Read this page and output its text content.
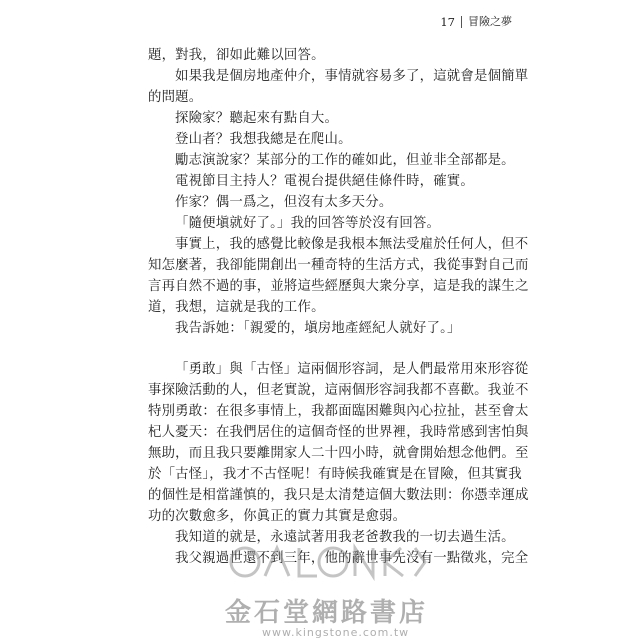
17 冒險之夢
題，對我，卻如此難以回答。
如果我是個房地產仲介，事情就容易多了，這就會是個簡單
的問題。
探險家？聽起來有點自大。
登山者？我想我總是在爬山。
勵志演說家？某部分的工作的確如此，但並非全部都是。
電視節目主持人？電視台提供絕佳條件時，確實。
作家？偶一爲之，但沒有太多天分。
「隨便塡就好了。」我的回答等於沒有回答。
事實上，我的感覺比較像是我根本無法受雇於任何人，但不
知怎麼著，我卻能開創出一種奇特的生活方式，我從事對自己而
言再自然不過的事，並將這些經歷與大衆分享，這是我的謀生之
道，我想，這就是我的工作。
我告訴她：「親愛的，塡房地產經紀人就好了。」
「勇敢」與「古怪」這兩個形容詞，是人們最常用來形容從
事探險活動的人，但老實說，這兩個形容詞我都不喜歡。我並不
特別勇敢：在很多事情上，我都面臨困難與內心拉扯，甚至會太
杞人憂天：在我們居住的這個奇怪的世界裡，我時常感到害怕與
無助，而且我只要離開家人二十四小時，就會開始想念他們。至
於「古怪」，我才不古怪呢！有時候我確實是在冒險，但其實我
的個性是相當謹慎的，我只是太清楚這個大數法則：你憑幸運成
功的次數愈多，你眞正的實力其實是愈弱。
我知道的就是，永遠試著用我老爸教我的一切去過生活。
我父親過世還不到三年，他的辭世事先沒有一點徵兆，完全
金石堂網路書店
www.kingstone.com.tw
